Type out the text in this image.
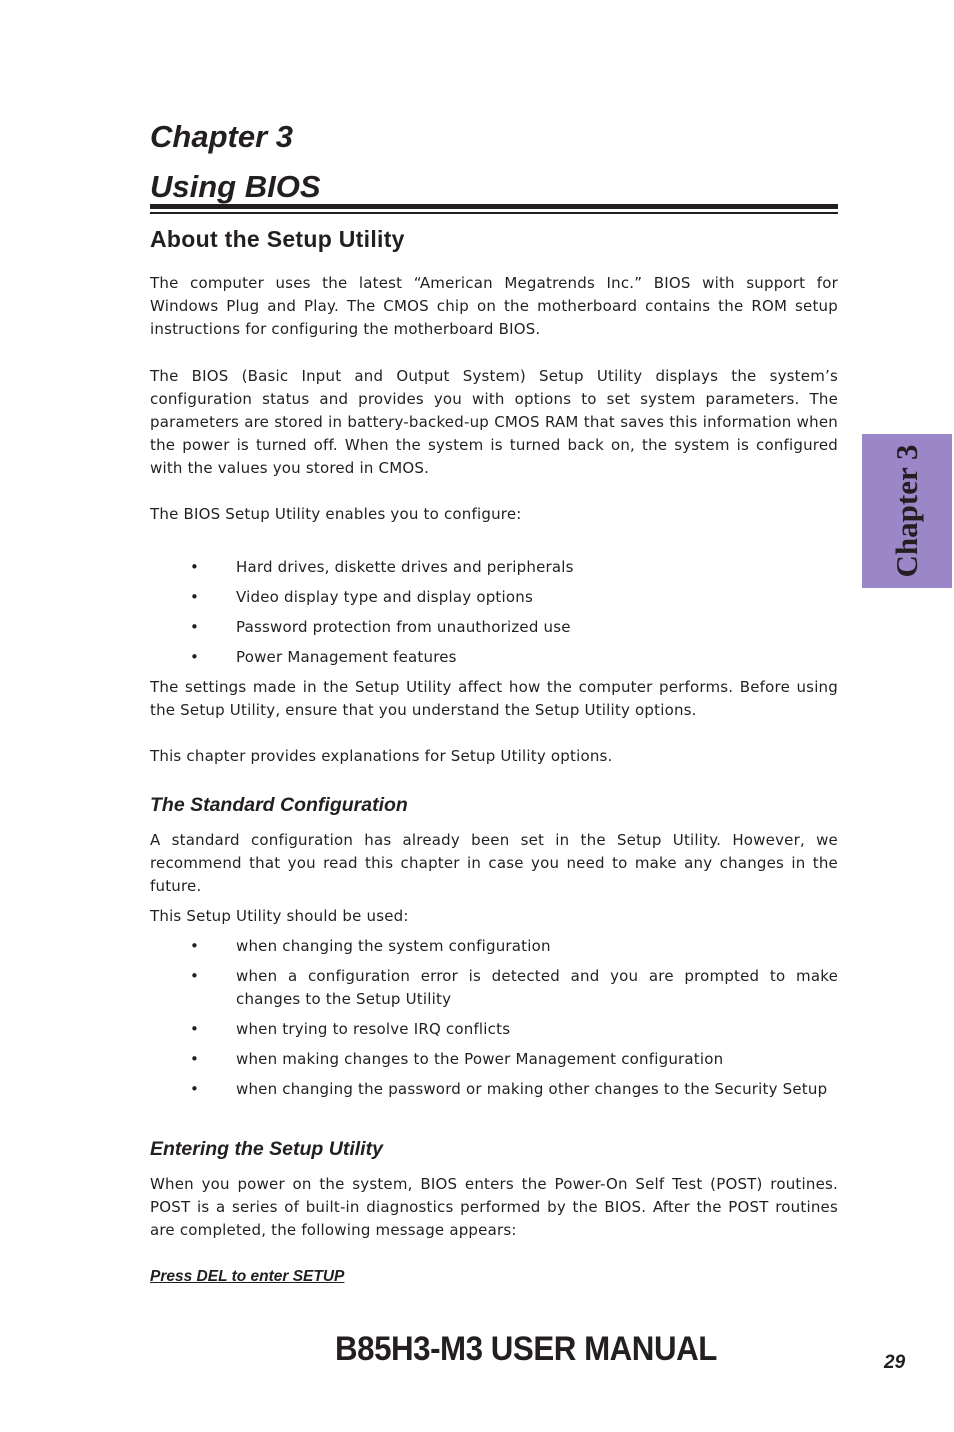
Chapter 3
Using BIOS
Chapter 3
About the Setup Utility

The computer uses the latest “American Megatrends Inc.” BIOS with support for Windows Plug and Play. The CMOS chip on the motherboard contains the ROM setup instructions for configuring the motherboard BIOS.

The BIOS (Basic Input and Output System) Setup Utility displays the system’s configuration status and provides you with options to set system parameters. The parameters are stored in battery-backed-up CMOS RAM that saves this information when the power is turned off. When the system is turned back on, the system is configured with the values you stored in CMOS.

The BIOS Setup Utility enables you to configure:

• Hard drives, diskette drives and peripherals
• Video display type and display options
• Password protection from unauthorized use
• Power Management features

The settings made in the Setup Utility affect how the computer performs. Before using the Setup Utility, ensure that you understand the Setup Utility options.

This chapter provides explanations for Setup Utility options.

The Standard Configuration

A standard configuration has already been set in the Setup Utility. However, we recommend that you read this chapter in case you need to make any changes in the future.

This Setup Utility should be used:

• when changing the system configuration
• when a configuration error is detected and you are prompted to make changes to the Setup Utility
• when trying to resolve IRQ conflicts
• when making changes to the Power Management configuration
• when changing the password or making other changes to the Security Setup
Entering the Setup Utility

When you power on the system, BIOS enters the Power-On Self Test (POST) routines. POST is a series of built-in diagnostics performed by the BIOS. After the POST routines are completed, the following message appears:

Press DEL to enter SETUP
B85H3-M3 USER MANUAL	29
